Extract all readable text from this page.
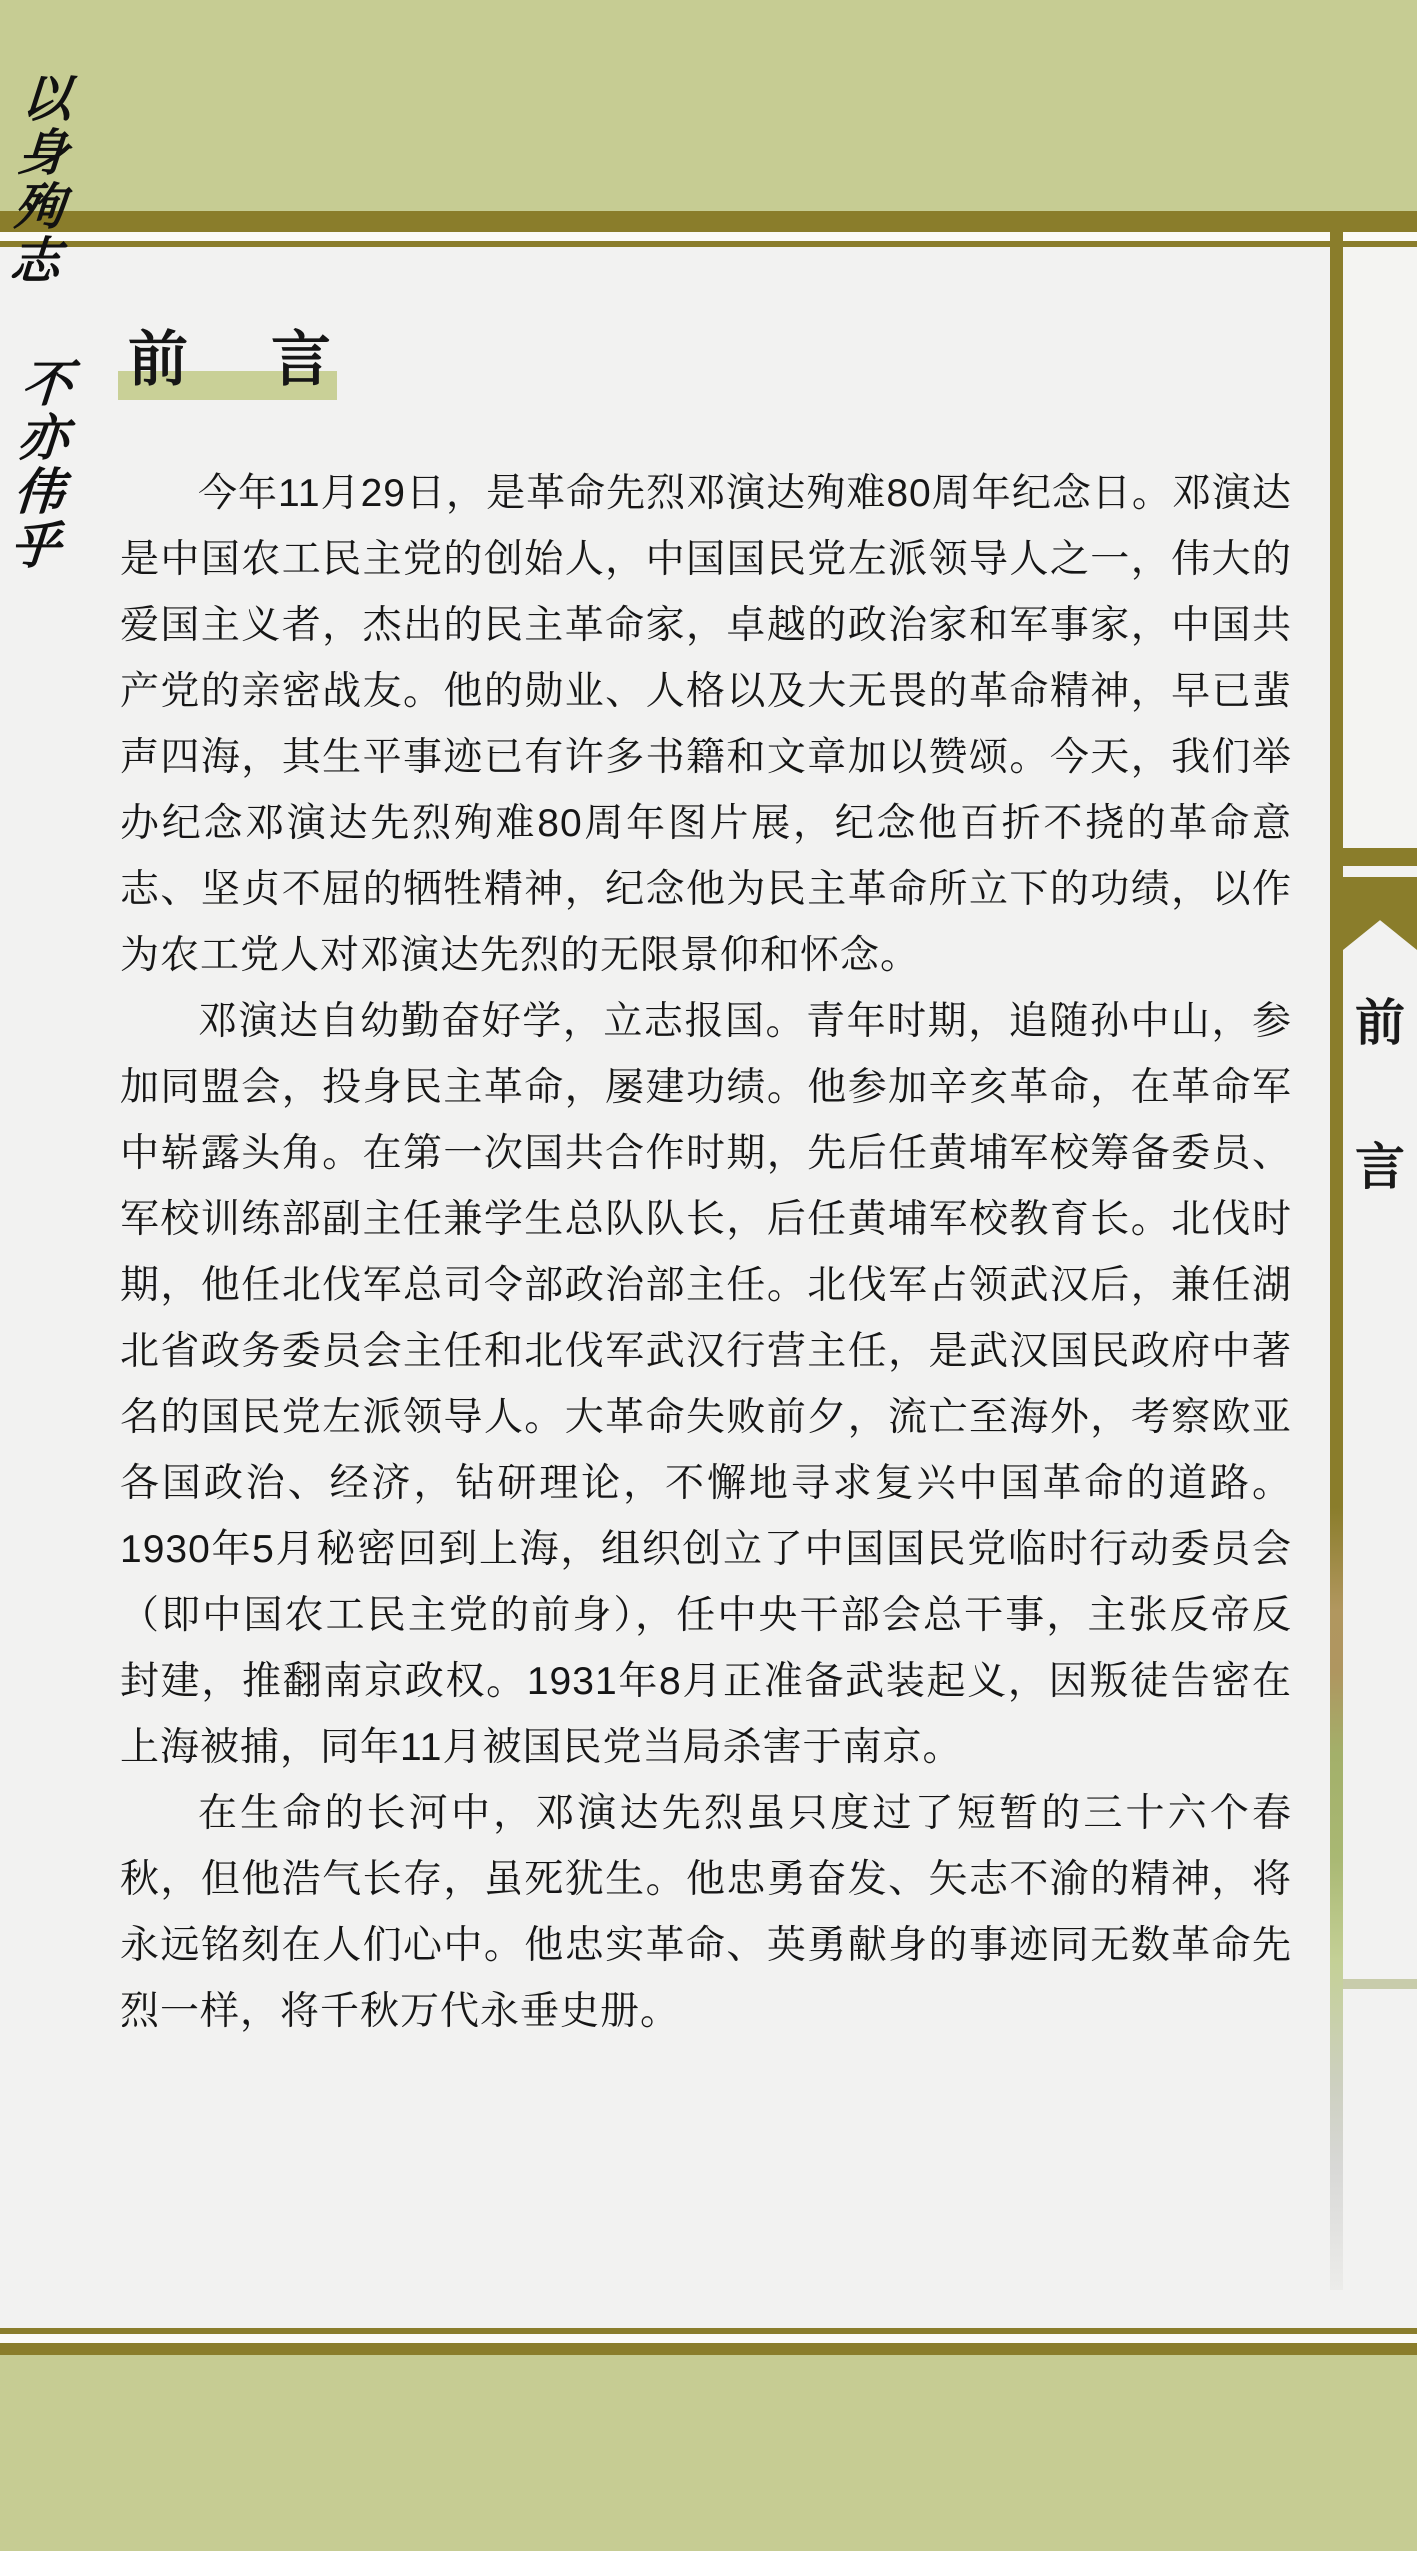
前 言

今年11月29日，是革命先烈邓演达殉难80周年纪念日。邓演达是中国农工民主党的创始人，中国国民党左派领导人之一，伟大的爱国主义者，杰出的民主革命家，卓越的政治家和军事家，中国共产党的亲密战友。他的勋业、人格以及大无畏的革命精神，早已蜚声四海，其生平事迹已有许多书籍和文章加以赞颂。今天，我们举办纪念邓演达先烈殉难80周年图片展，纪念他百折不挠的革命意志、坚贞不屈的牺牲精神，纪念他为民主革命所立下的功绩，以作为农工党人对邓演达先烈的无限景仰和怀念。

邓演达自幼勤奋好学，立志报国。青年时期，追随孙中山，参加同盟会，投身民主革命，屡建功绩。他参加辛亥革命，在革命军中崭露头角。在第一次国共合作时期，先后任黄埔军校筹备委员、军校训练部副主任兼学生总队队长，后任黄埔军校教育长。北伐时期，他任北伐军总司令部政治部主任。北伐军占领武汉后，兼任湖北省政务委员会主任和北伐军武汉行营主任，是武汉国民政府中著名的国民党左派领导人。大革命失败前夕，流亡至海外，考察欧亚各国政治、经济，钻研理论，不懈地寻求复兴中国革命的道路。1930年5月秘密回到上海，组织创立了中国国民党临时行动委员会（即中国农工民主党的前身），任中央干部会总干事，主张反帝反封建，推翻南京政权。1931年8月正准备武装起义，因叛徒告密在上海被捕，同年11月被国民党当局杀害于南京。

在生命的长河中，邓演达先烈虽只度过了短暂的三十六个春秋，但他浩气长存，虽死犹生。他忠勇奋发、矢志不渝的精神，将永远铭刻在人们心中。他忠实革命、英勇献身的事迹同无数革命先烈一样，将千秋万代永垂史册。

以身殉志
不亦伟乎
前
言
